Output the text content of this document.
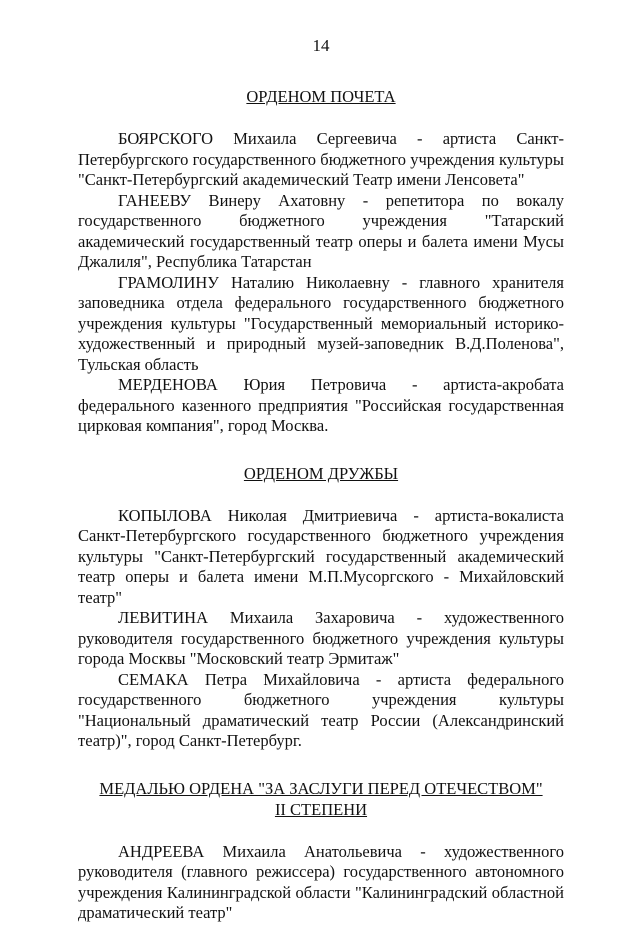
14

ОРДЕНОМ ПОЧЕТА

БОЯРСКОГО Михаила Сергеевича - артиста Санкт-Петербургского государственного бюджетного учреждения культуры "Санкт-Петербургский академический Театр имени Ленсовета"

ГАНЕЕВУ Винеру Ахатовну - репетитора по вокалу государственного бюджетного учреждения "Татарский академический государственный театр оперы и балета имени Мусы Джалиля", Республика Татарстан

ГРАМОЛИНУ Наталию Николаевну - главного хранителя заповедника отдела федерального государственного бюджетного учреждения культуры "Государственный мемориальный историко-художественный и природный музей-заповедник В.Д.Поленова", Тульская область

МЕРДЕНОВА Юрия Петровича - артиста-акробата федерального казенного предприятия "Российская государственная цирковая компания", город Москва.

ОРДЕНОМ ДРУЖБЫ

КОПЫЛОВА Николая Дмитриевича - артиста-вокалиста Санкт-Петербургского государственного бюджетного учреждения культуры "Санкт-Петербургский государственный академический театр оперы и балета имени М.П.Мусоргского - Михайловский театр"

ЛЕВИТИНА Михаила Захаровича - художественного руководителя государственного бюджетного учреждения культуры города Москвы "Московский театр Эрмитаж"

СЕМАКА Петра Михайловича - артиста федерального государственного бюджетного учреждения культуры "Национальный драматический театр России (Александринский театр)", город Санкт-Петербург.

МЕДАЛЬЮ ОРДЕНА "ЗА ЗАСЛУГИ ПЕРЕД ОТЕЧЕСТВОМ"

II СТЕПЕНИ

АНДРЕЕВА Михаила Анатольевича - художественного руководителя (главного режиссера) государственного автономного учреждения Калининградской области "Калининградский областной драматический театр"
